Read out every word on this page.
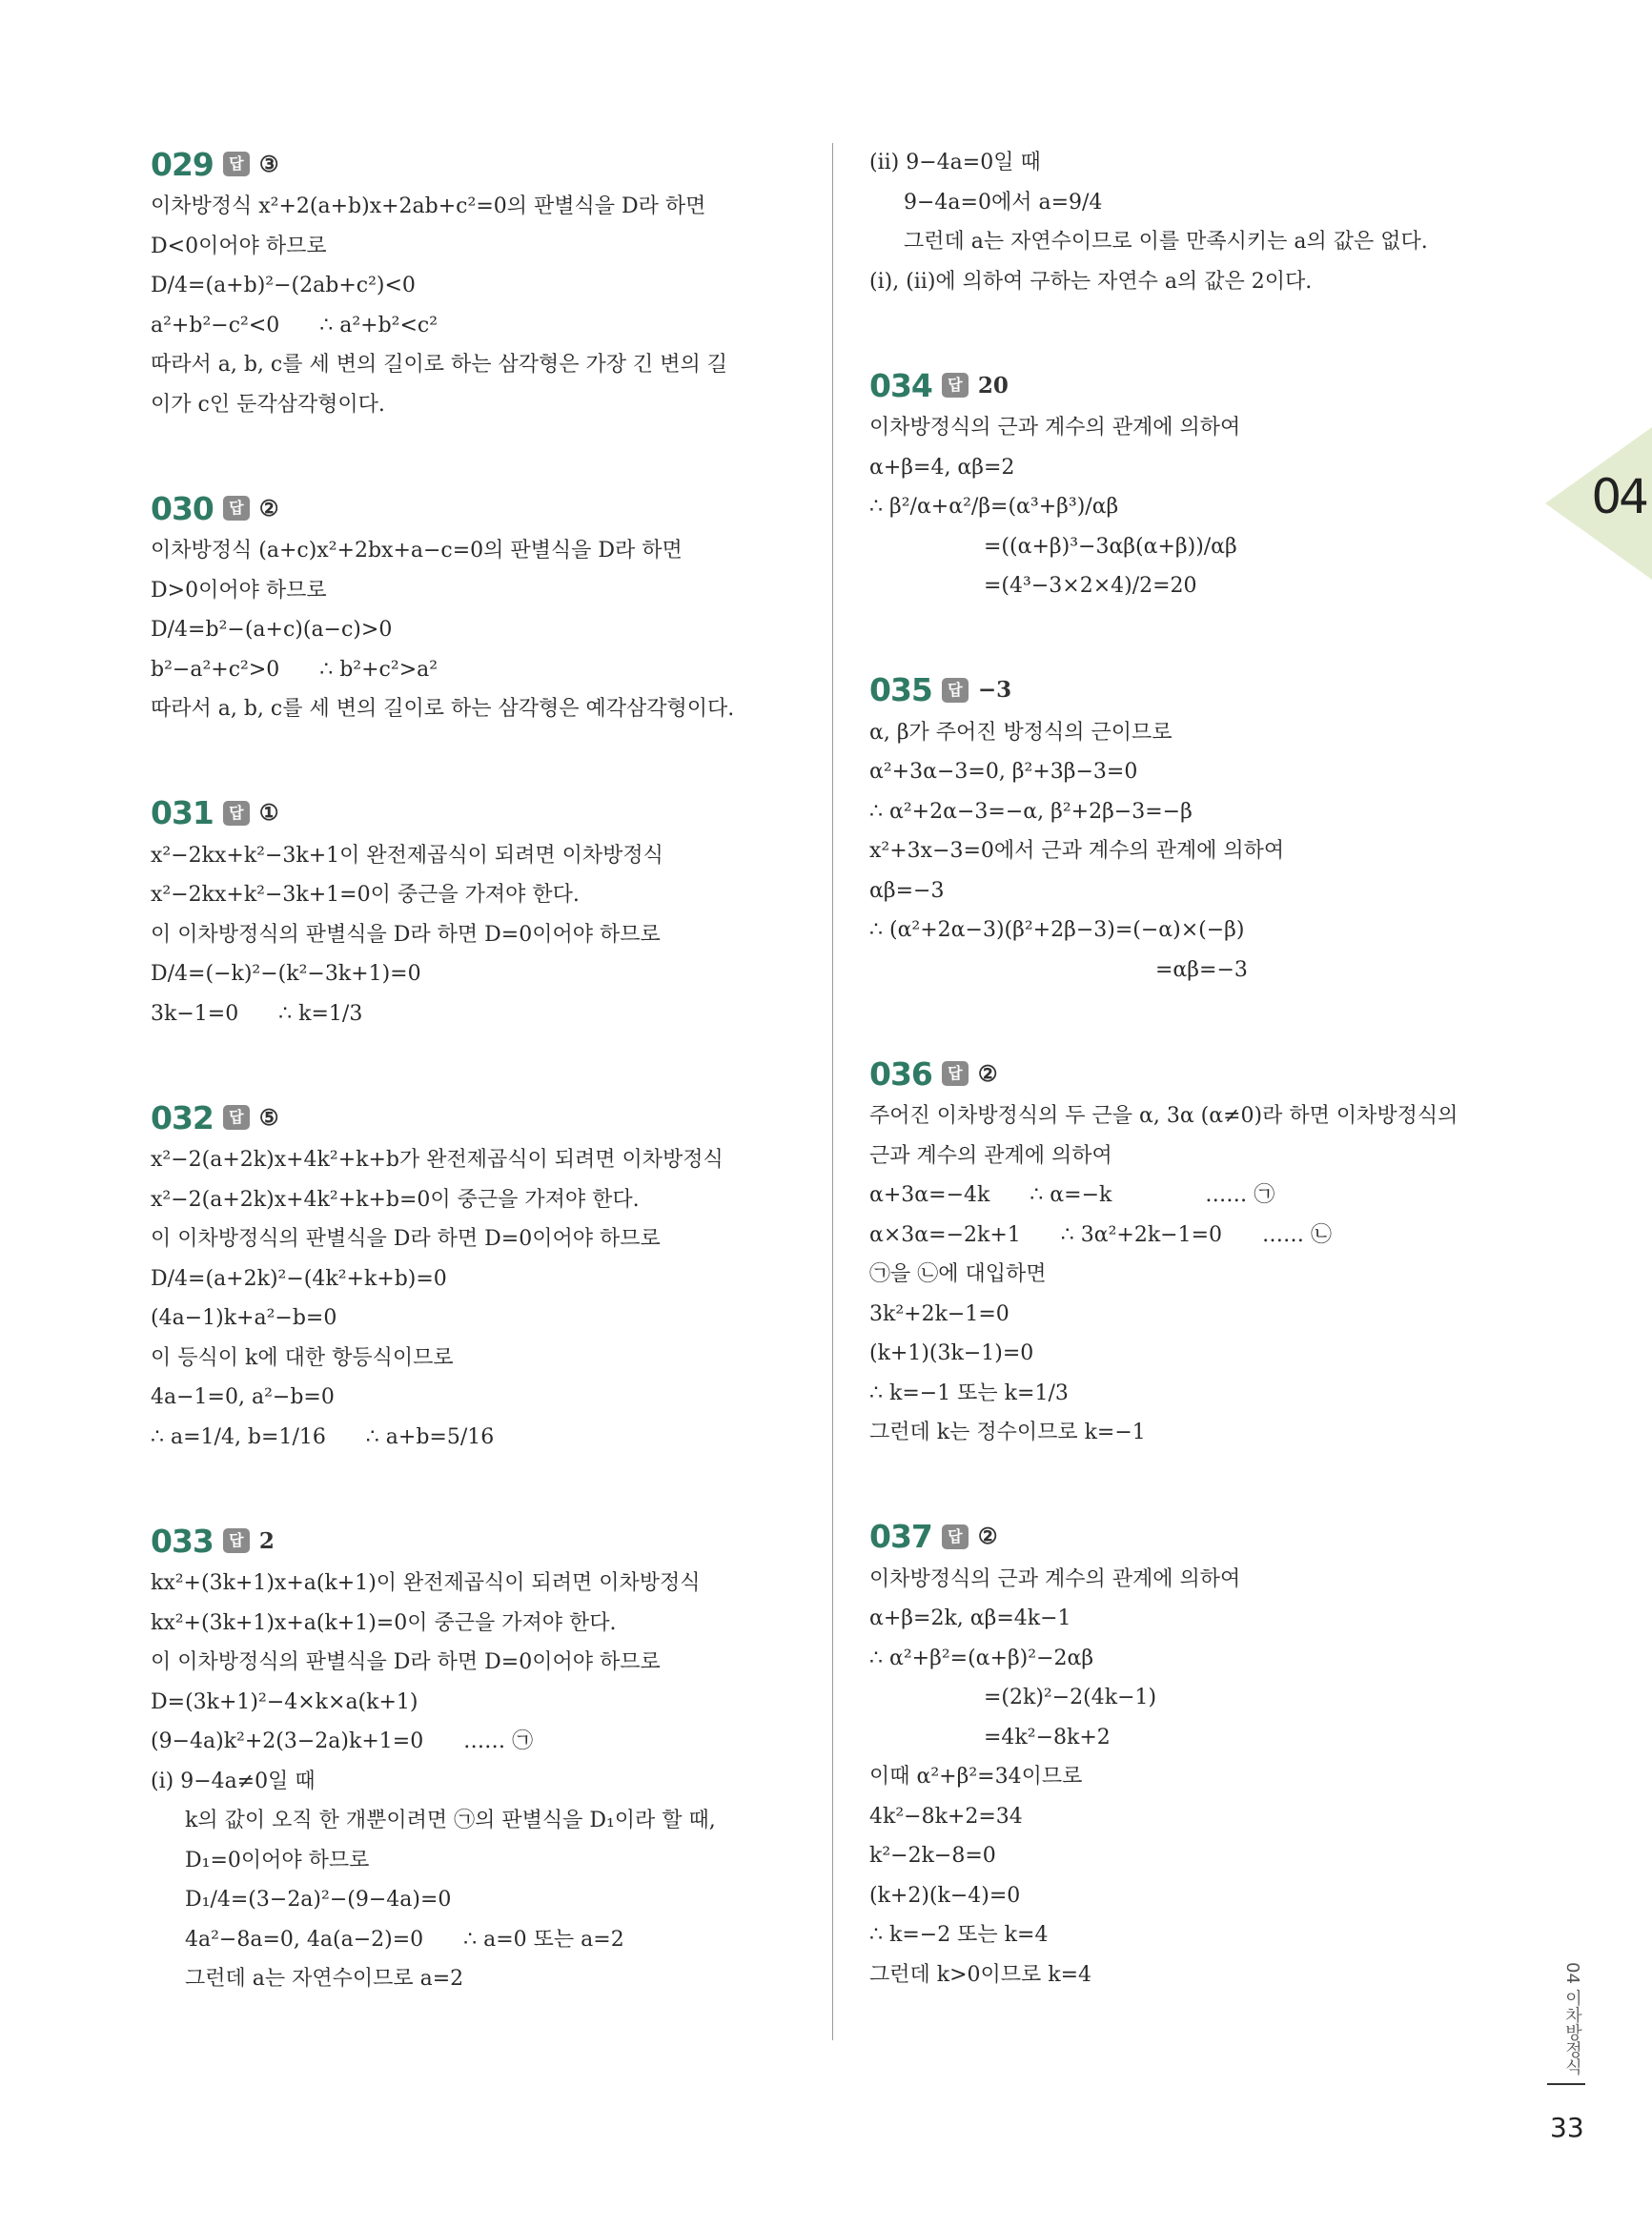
029	답 ③
이차방정식 x²+2(a+b)x+2ab+c²=0의 판별식을 D라 하면
D<0이어야 하므로
D/4=(a+b)²−(2ab+c²)<0
a²+b²−c²<0      ∴ a²+b²<c²
따라서 a, b, c를 세 변의 길이로 하는 삼각형은 가장 긴 변의 길
이가 c인 둔각삼각형이다.
030	답 ②
이차방정식 (a+c)x²+2bx+a−c=0의 판별식을 D라 하면
D>0이어야 하므로
D/4=b²−(a+c)(a−c)>0
b²−a²+c²>0      ∴ b²+c²>a²
따라서 a, b, c를 세 변의 길이로 하는 삼각형은 예각삼각형이다.
031	답 ①
x²−2kx+k²−3k+1이 완전제곱식이 되려면 이차방정식
x²−2kx+k²−3k+1=0이 중근을 가져야 한다.
이 이차방정식의 판별식을 D라 하면 D=0이어야 하므로
D/4=(−k)²−(k²−3k+1)=0
3k−1=0      ∴ k=1/3
032	답 ⑤
x²−2(a+2k)x+4k²+k+b가 완전제곱식이 되려면 이차방정식
x²−2(a+2k)x+4k²+k+b=0이 중근을 가져야 한다.
이 이차방정식의 판별식을 D라 하면 D=0이어야 하므로
D/4=(a+2k)²−(4k²+k+b)=0
(4a−1)k+a²−b=0
이 등식이 k에 대한 항등식이므로
4a−1=0, a²−b=0
∴ a=1/4, b=1/16      ∴ a+b=5/16
033	답 2
kx²+(3k+1)x+a(k+1)이 완전제곱식이 되려면 이차방정식
kx²+(3k+1)x+a(k+1)=0이 중근을 가져야 한다.
이 이차방정식의 판별식을 D라 하면 D=0이어야 하므로
D=(3k+1)²−4×k×a(k+1)
(9−4a)k²+2(3−2a)k+1=0      …… ㉠
(ⅰ) 9−4a≠0일 때
k의 값이 오직 한 개뿐이려면 ㉠의 판별식을 D₁이라 할 때,
D₁=0이어야 하므로
D₁/4=(3−2a)²−(9−4a)=0
4a²−8a=0, 4a(a−2)=0      ∴ a=0 또는 a=2
그런데 a는 자연수이므로 a=2
(ⅱ) 9−4a=0일 때
9−4a=0에서 a=9/4
그런데 a는 자연수이므로 이를 만족시키는 a의 값은 없다.
(ⅰ), (ⅱ)에 의하여 구하는 자연수 a의 값은 2이다.
034	답 20
이차방정식의 근과 계수의 관계에 의하여
α+β=4, αβ=2
∴ β²/α+α²/β=(α³+β³)/αβ
=((α+β)³−3αβ(α+β))/αβ
=(4³−3×2×4)/2=20
035	답 −3
α, β가 주어진 방정식의 근이므로
α²+3α−3=0, β²+3β−3=0
∴ α²+2α−3=−α, β²+2β−3=−β
x²+3x−3=0에서 근과 계수의 관계에 의하여
αβ=−3
∴ (α²+2α−3)(β²+2β−3)=(−α)×(−β)
=αβ=−3
036	답 ②
주어진 이차방정식의 두 근을 α, 3α (α≠0)라 하면 이차방정식의
근과 계수의 관계에 의하여
α+3α=−4k      ∴ α=−k              …… ㉠
α×3α=−2k+1      ∴ 3α²+2k−1=0      …… ㉡
㉠을 ㉡에 대입하면
3k²+2k−1=0
(k+1)(3k−1)=0
∴ k=−1 또는 k=1/3
그런데 k는 정수이므로 k=−1
037	답 ②
이차방정식의 근과 계수의 관계에 의하여
α+β=2k, αβ=4k−1
∴ α²+β²=(α+β)²−2αβ
=(2k)²−2(4k−1)
=4k²−8k+2
이때 α²+β²=34이므로
4k²−8k+2=34
k²−2k−8=0
(k+2)(k−4)=0
∴ k=−2 또는 k=4
그런데 k>0이므로 k=4
04
04 이차방정식
33
